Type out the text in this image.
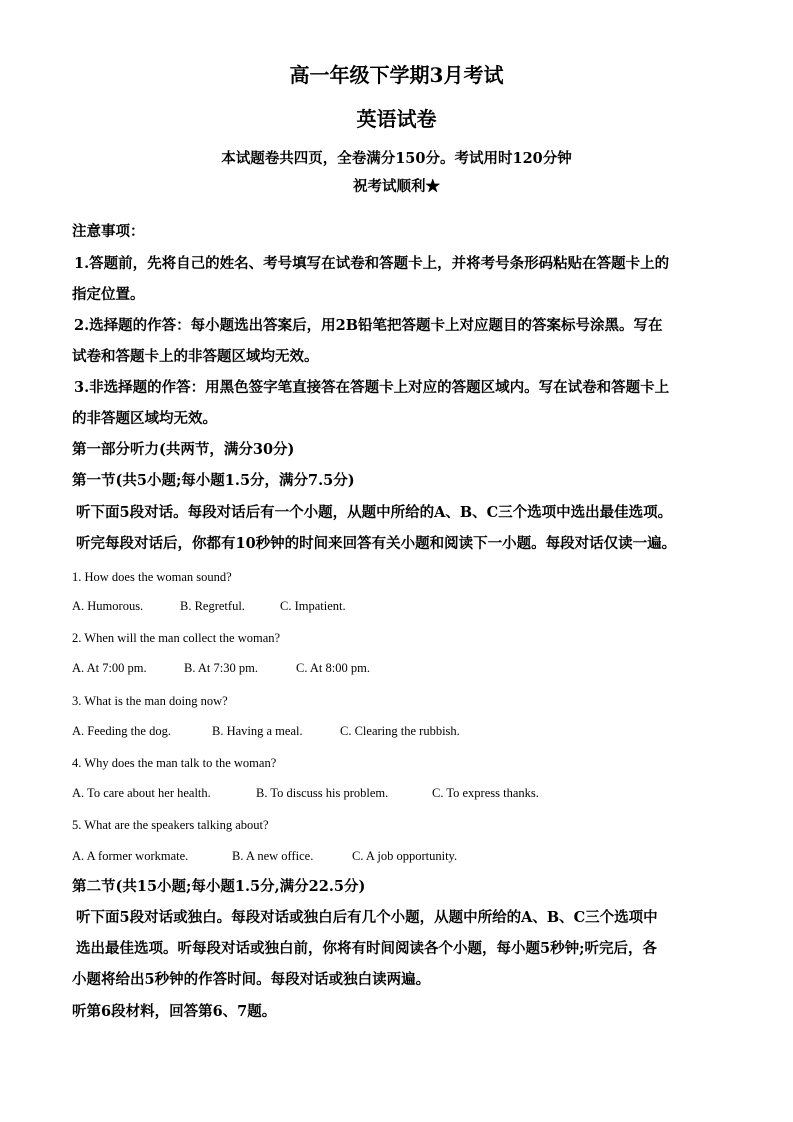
高一年级下学期3月考试
英语试卷
本试题卷共四页，全卷满分150分。考试用时120分钟
祝考试顺利★
注意事项：
1.答题前，先将自己的姓名、考号填写在试卷和答题卡上，并将考号条形码粘贴在答题卡上的
指定位置。
2.选择题的作答：每小题选出答案后，用2B铅笔把答题卡上对应题目的答案标号涂黑。写在
试卷和答题卡上的非答题区域均无效。
3.非选择题的作答：用黑色签字笔直接答在答题卡上对应的答题区域内。写在试卷和答题卡上
的非答题区域均无效。
第一部分听力(共两节，满分30分)
第一节(共5小题;每小题1.5分，满分7.5分)
听下面5段对话。每段对话后有一个小题，从题中所给的A、B、C三个选项中选出最佳选项。
听完每段对话后，你都有10秒钟的时间来回答有关小题和阅读下一小题。每段对话仅读一遍。
1. How does the woman sound?
A. Humorous.	B. Regretful.	C. Impatient.
2. When will the man collect the woman?
A. At 7:00 pm.	B. At 7:30 pm.	C. At 8:00 pm.
3. What is the man doing now?
A. Feeding the dog.	B. Having a meal.	C. Clearing the rubbish.
4. Why does the man talk to the woman?
A. To care about her health.	B. To discuss his problem.	C. To express thanks.
5. What are the speakers talking about?
A. A former workmate.	B. A new office.	C. A job opportunity.
第二节(共15小题;每小题1.5分,满分22.5分)
听下面5段对话或独白。每段对话或独白后有几个小题，从题中所给的A、B、C三个选项中
选出最佳选项。听每段对话或独白前，你将有时间阅读各个小题，每小题5秒钟;听完后，各
小题将给出5秒钟的作答时间。每段对话或独白读两遍。
听第6段材料，回答第6、7题。
